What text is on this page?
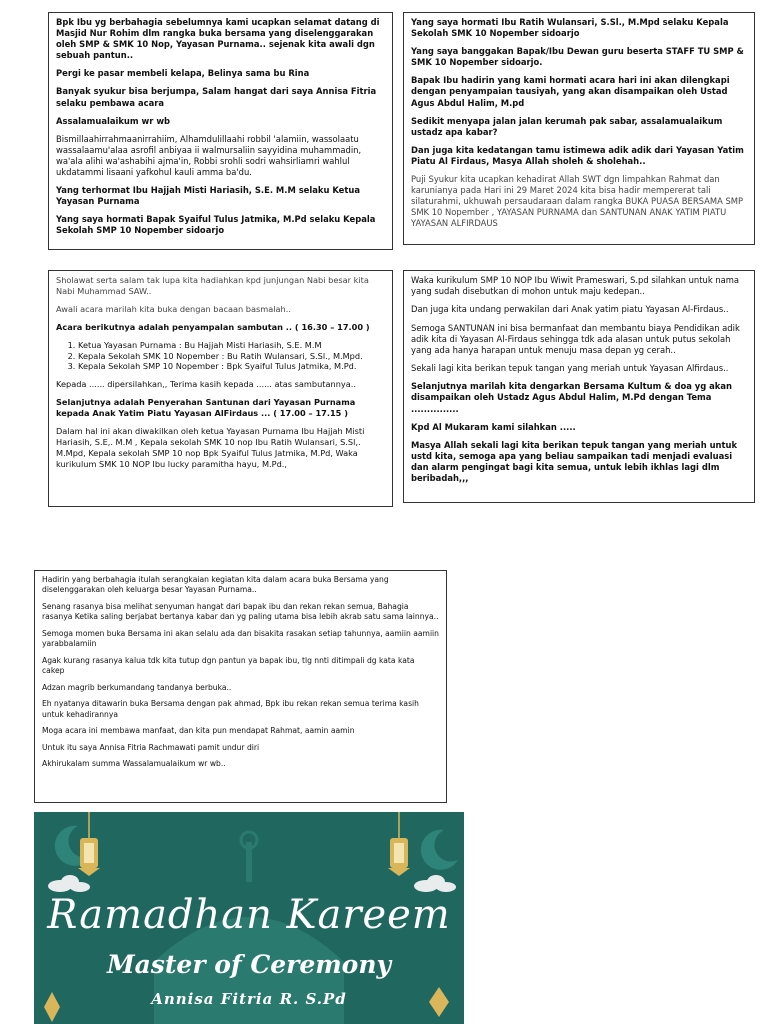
Bpk Ibu yg berbahagia sebelumnya kami ucapkan selamat datang di Masjid Nur Rohim dlm rangka buka bersama yang diselenggarakan oleh SMP & SMK 10 Nop, Yayasan Purnama.. sejenak kita awali dgn sebuah pantun..

Pergi ke pasar membeli kelapa, Belinya sama bu Rina

Banyak syukur bisa berjumpa, Salam hangat dari saya Annisa Fitria selaku pembawa acara

Assalamualaikum wr wb

Bismillaahirrahmaanirrahiim, Alhamdulillaahi robbil 'alamiin, wassolaatu wassalaamu'alaa asrofil anbiyaa ii walmursaliin sayyidina muhammadin, wa'ala alihi wa'ashabihi ajma'in, Robbi srohli sodri wahsirliamri wahlul ukdatammi lisaani yafkohul kauli amma ba'du.

Yang terhormat Ibu Hajjah Misti Hariasih, S.E. M.M selaku Ketua Yayasan Purnama

Yang saya hormati Bapak Syaiful Tulus Jatmika, M.Pd selaku Kepala Sekolah SMP 10 Nopember sidoarjo

Yang saya hormati Ibu Ratih Wulansari, S.Sl., M.Mpd selaku Kepala Sekolah SMK 10 Nopember sidoarjo

Yang saya banggakan Bapak/Ibu Dewan guru beserta STAFF TU SMP & SMK 10 Nopember sidoarjo.

Bapak Ibu hadirin yang kami hormati acara hari ini akan dilengkapi dengan penyampaian tausiyah, yang akan disampaikan oleh Ustad Agus Abdul Halim, M.pd

Sedikit menyapa jalan jalan kerumah pak sabar, assalamualaikum ustadz apa kabar?

Dan juga kita kedatangan tamu istimewa adik adik dari Yayasan Yatim Piatu Al Firdaus, Masya Allah sholeh & sholehah..

Puji Syukur kita ucapkan kehadirat Allah SWT dgn limpahkan Rahmat dan karunianya pada Hari ini 29 Maret 2024 kita bisa hadir mempererat tali silaturahmi, ukhuwah persaudaraan dalam rangka BUKA PUASA BERSAMA SMP SMK 10 Nopember , YAYASAN PURNAMA dan SANTUNAN ANAK YATIM PIATU YAYASAN ALFIRDAUS

Sholawat serta salam tak lupa kita hadiahkan kpd junjungan Nabi besar kita Nabi Muhammad SAW..

Awali acara marilah kita buka dengan bacaan basmalah..

Acara berikutnya adalah penyampalan sambutan .. ( 16.30 – 17.00 )

1. Ketua Yayasan Purnama : Bu Hajjah Misti Hariasih, S.E. M.M
2. Kepala Sekolah SMK 10 Nopember : Bu Ratih Wulansari, S.Sl., M.Mpd.
3. Kepala Sekolah SMP 10 Nopember : Bpk Syaiful Tulus Jatmika, M.Pd.

Kepada ...... dipersilahkan,, Terima kasih kepada ...... atas sambutannya..

Selanjutnya adalah Penyerahan Santunan dari Yayasan Purnama kepada Anak Yatim Piatu Yayasan AlFirdaus ... ( 17.00 – 17.15 )

Dalam hal ini akan diwakilkan oleh ketua Yayasan Purnama Ibu Hajjah Misti Hariasih, S.E,. M.M , Kepala sekolah SMK 10 nop Ibu Ratih Wulansari, S.Sl,. M.Mpd, Kepala sekolah SMP 10 nop Bpk Syaiful Tulus Jatmika, M.Pd, Waka kurikulum SMK 10 NOP Ibu lucky paramitha hayu, M.Pd.,

Waka kurikulum SMP 10 NOP Ibu Wiwit Prameswari, S.pd silahkan untuk nama yang sudah disebutkan di mohon untuk maju kedepan..

Dan juga kita undang perwakilan dari Anak yatim piatu Yayasan Al-Firdaus..

Semoga SANTUNAN ini bisa bermanfaat dan membantu biaya Pendidikan adik adik kita di Yayasan Al-Firdaus sehingga tdk ada alasan untuk putus sekolah yang ada hanya harapan untuk menuju masa depan yg cerah..

Sekali lagi kita berikan tepuk tangan yang meriah untuk Yayasan Alfirdaus..

Selanjutnya marilah kita dengarkan Bersama Kultum & doa yg akan disampaikan oleh Ustadz Agus Abdul Halim, M.Pd dengan Tema ...............

Kpd Al Mukaram kami silahkan .....

Masya Allah sekali lagi kita berikan tepuk tangan yang meriah untuk ustd kita, semoga apa yang beliau sampaikan tadi menjadi evaluasi dan alarm pengingat bagi kita semua, untuk lebih ikhlas lagi dlm beribadah,,,

Hadirin yang berbahagia itulah serangkaian kegiatan kita dalam acara buka Bersama yang diselenggarakan oleh keluarga besar Yayasan Purnama..

Senang rasanya bisa melihat senyuman hangat dari bapak ibu dan rekan rekan semua, Bahagia rasanya Ketika saling berjabat bertanya kabar dan yg paling utama bisa lebih akrab satu sama lainnya..

Semoga momen buka Bersama ini akan selalu ada dan bisakita rasakan setiap tahunnya, aamiin aamiin yarabbalamiin

Agak kurang rasanya kalua tdk kita tutup dgn pantun ya bapak ibu, tlg nnti ditimpali dg kata kata cakep

Adzan magrib berkumandang tandanya berbuka..

Eh nyatanya ditawarin buka Bersama dengan pak ahmad, Bpk ibu rekan rekan semua terima kasih untuk kehadirannya

Moga acara ini membawa manfaat, dan kita pun mendapat Rahmat, aamin aamin

Untuk itu saya Annisa Fitria Rachmawati pamit undur diri

Akhirukalam summa Wassalamualaikum wr wb..

Ramadhan Kareem
Master of Ceremony
Annisa Fitria R. S.Pd
